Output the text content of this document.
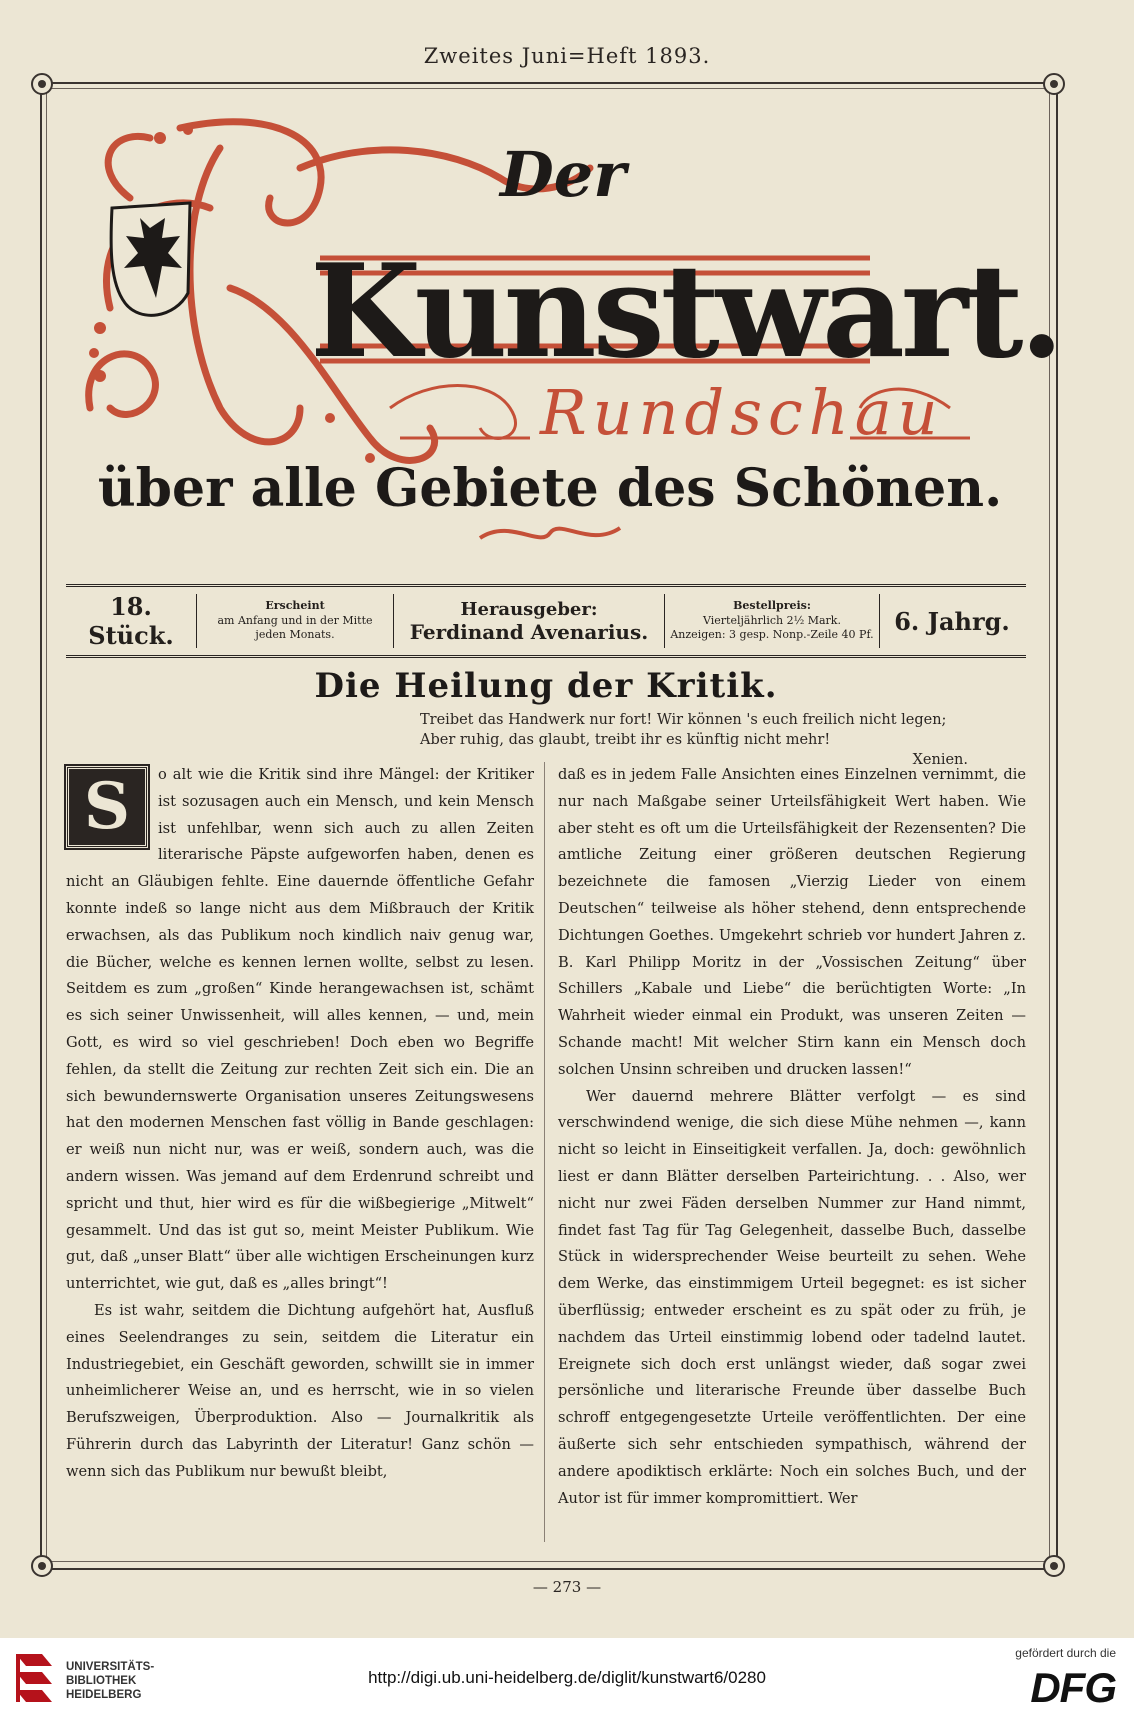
Zweites Juni=Heft 1893.
Der
Kunstwart.
Rundschau
über alle Gebiete des Schönen.
18. Stück.
Erscheint
am Anfang und in der Mitte
jeden Monats.
Herausgeber:
Ferdinand Avenarius.
Bestellpreis:
Vierteljährlich 2½ Mark.
Anzeigen: 3 gesp. Nonp.-Zeile 40 Pf. 6. Jahrg.
Die Heilung der Kritik.
Treibet das Handwerk nur fort! Wir können 's euch freilich nicht legen;
Aber ruhig, das glaubt, treibt ihr es künftig nicht mehr!
Xenien.
S	o alt wie die Kritik sind ihre Mängel: der Kritiker ist sozusagen auch ein Mensch, und kein Mensch ist unfehlbar, wenn sich auch zu allen Zeiten literarische Päpste aufgeworfen haben, denen es nicht an Gläubigen fehlte. Eine dauernde öffentliche Gefahr konnte indeß so lange nicht aus dem Mißbrauch der Kritik erwachsen, als das Publikum noch kindlich naiv genug war, die Bücher, welche es kennen lernen wollte, selbst zu lesen. Seitdem es zum „großen“ Kinde herangewachsen ist, schämt es sich seiner Unwissenheit, will alles kennen, — und, mein Gott, es wird so viel geschrieben! Doch eben wo Begriffe fehlen, da stellt die Zeitung zur rechten Zeit sich ein. Die an sich bewundernswerte Organisation unseres Zeitungswesens hat den modernen Menschen fast völlig in Bande geschlagen: er weiß nun nicht nur, was er weiß, sondern auch, was die andern wissen. Was jemand auf dem Erdenrund schreibt und spricht und thut, hier wird es für die wißbegierige „Mitwelt“ gesammelt. Und das ist gut so, meint Meister Publikum. Wie gut, daß „unser Blatt“ über alle wichtigen Erscheinungen kurz unterrichtet, wie gut, daß es „alles bringt“!

Es ist wahr, seitdem die Dichtung aufgehört hat, Ausfluß eines Seelendranges zu sein, seitdem die Literatur ein Industriegebiet, ein Geschäft geworden, schwillt sie in immer unheimlicherer Weise an, und es herrscht, wie in so vielen Berufszweigen, Überproduktion. Also — Journalkritik als Führerin durch das Labyrinth der Literatur! Ganz schön — wenn sich das Publikum nur bewußt bleibt,

daß es in jedem Falle Ansichten eines Einzelnen vernimmt, die nur nach Maßgabe seiner Urteilsfähigkeit Wert haben. Wie aber steht es oft um die Urteilsfähigkeit der Rezensenten? Die amtliche Zeitung einer größeren deutschen Regierung bezeichnete die famosen „Vierzig Lieder von einem Deutschen“ teilweise als höher stehend, denn entsprechende Dichtungen Goethes. Umgekehrt schrieb vor hundert Jahren z. B. Karl Philipp Moritz in der „Vossischen Zeitung“ über Schillers „Kabale und Liebe“ die berüchtigten Worte: „In Wahrheit wieder einmal ein Produkt, was unseren Zeiten — Schande macht! Mit welcher Stirn kann ein Mensch doch solchen Unsinn schreiben und drucken lassen!“

Wer dauernd mehrere Blätter verfolgt — es sind verschwindend wenige, die sich diese Mühe nehmen —, kann nicht so leicht in Einseitigkeit verfallen. Ja, doch: gewöhnlich liest er dann Blätter derselben Parteirichtung. . . Also, wer nicht nur zwei Fäden derselben Nummer zur Hand nimmt, findet fast Tag für Tag Gelegenheit, dasselbe Buch, dasselbe Stück in widersprechender Weise beurteilt zu sehen. Wehe dem Werke, das einstimmigem Urteil begegnet: es ist sicher überflüssig; entweder erscheint es zu spät oder zu früh, je nachdem das Urteil einstimmig lobend oder tadelnd lautet. Ereignete sich doch erst unlängst wieder, daß sogar zwei persönliche und literarische Freunde über dasselbe Buch schroff entgegengesetzte Urteile veröffentlichten. Der eine äußerte sich sehr entschieden sympathisch, während der andere apodiktisch erklärte: Noch ein solches Buch, und der Autor ist für immer kompromittiert. Wer

— 273 —
UNIVERSITÄTS-
BIBLIOTHEK
HEIDELBERG
http://digi.ub.uni-heidelberg.de/diglit/kunstwart6/0280
gefördert durch die
DFG
